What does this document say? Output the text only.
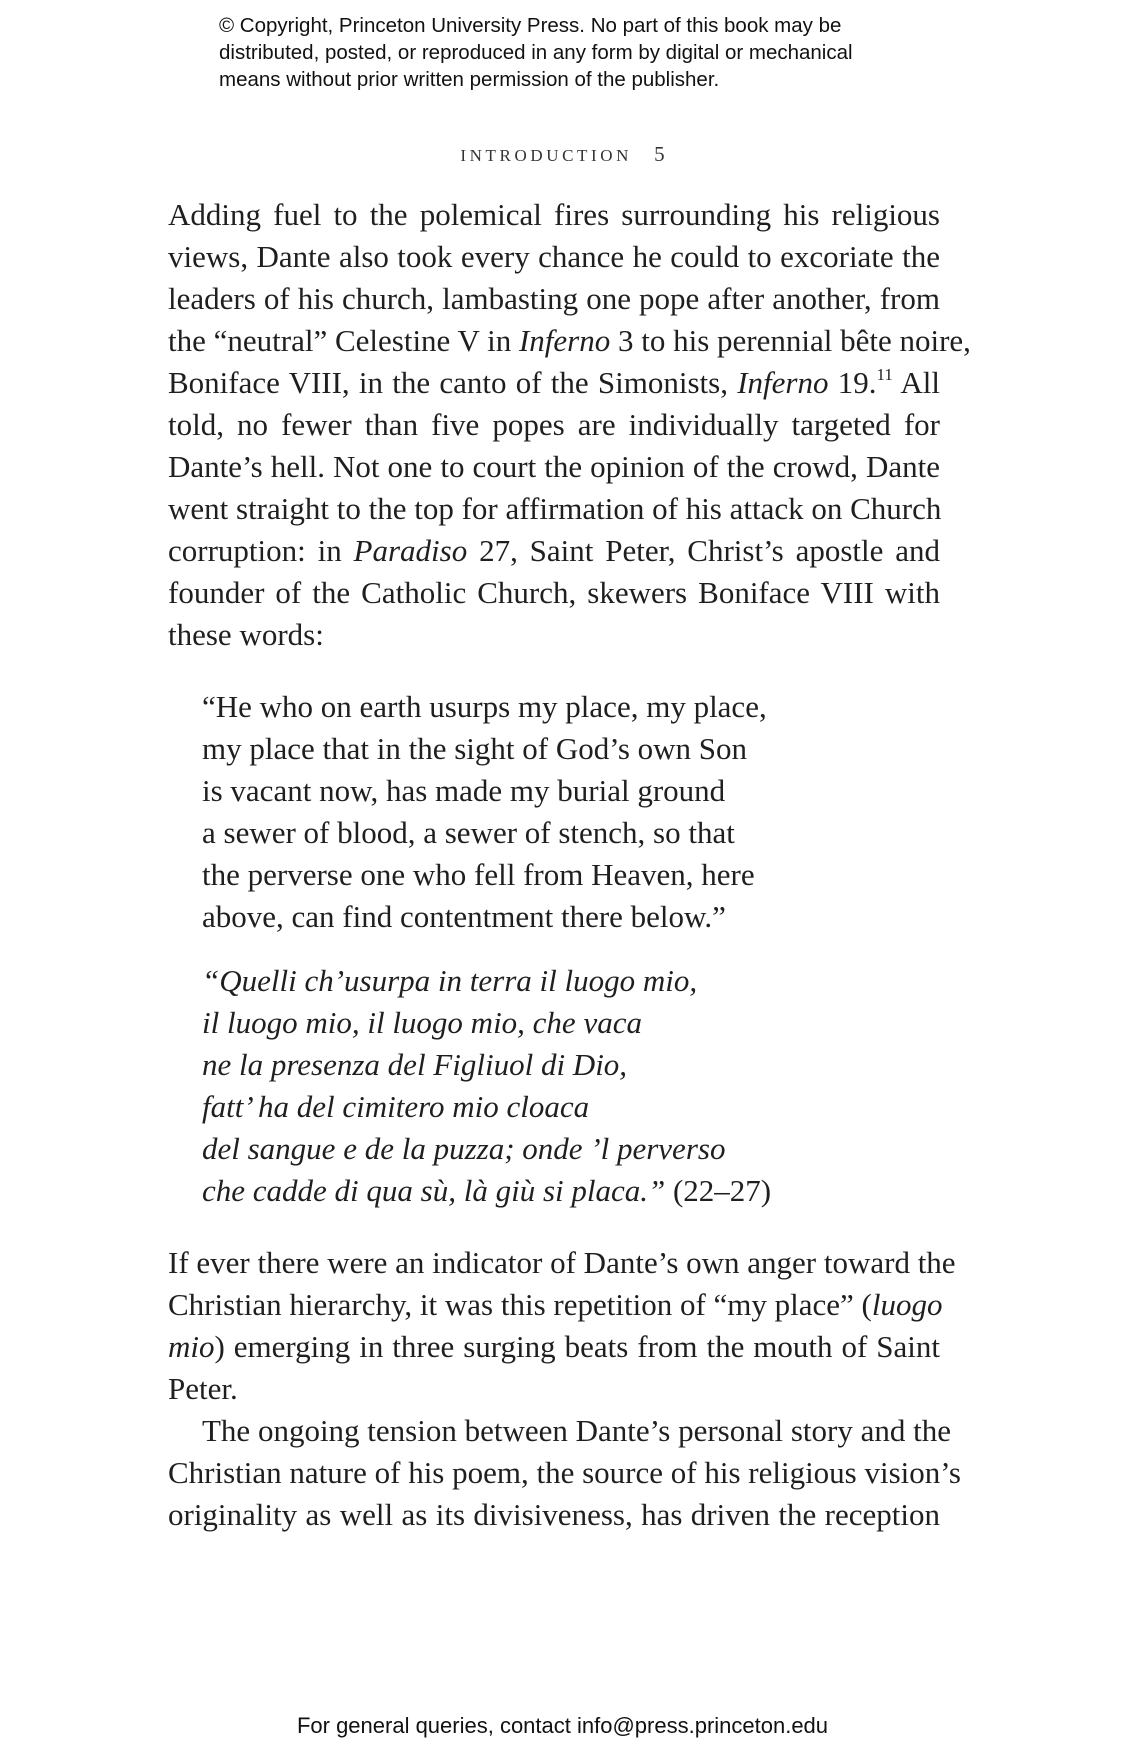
© Copyright, Princeton University Press. No part of this book may be
distributed, posted, or reproduced in any form by digital or mechanical
means without prior written permission of the publisher.
INTRODUCTION 5
Adding fuel to the polemical fires surrounding his religious
views, Dante also took every chance he could to excoriate the
leaders of his church, lambasting one pope after another, from
the “neutral” Celestine V in Inferno 3 to his perennial bête noire,
Boniface VIII, in the canto of the Simonists, Inferno 19.11 All
told, no fewer than five popes are individually targeted for
Dante’s hell. Not one to court the opinion of the crowd, Dante
went straight to the top for affirmation of his attack on Church
corruption: in Paradiso 27, Saint Peter, Christ’s apostle and
founder of the Catholic Church, skewers Boniface VIII with
these words:
“He who on earth usurps my place, my place,
my place that in the sight of God’s own Son
is vacant now, has made my burial ground
a sewer of blood, a sewer of stench, so that
the perverse one who fell from Heaven, here
above, can find contentment there below.”
“Quelli ch’usurpa in terra il luogo mio,
il luogo mio, il luogo mio, che vaca
ne la presenza del Figliuol di Dio,
fatt’ ha del cimitero mio cloaca
del sangue e de la puzza; onde ’l perverso
che cadde di qua sù, là giù si placa.” (22–27)
If ever there were an indicator of Dante’s own anger toward the
Christian hierarchy, it was this repetition of “my place” (luogo
mio) emerging in three surging beats from the mouth of Saint
Peter.
The ongoing tension between Dante’s personal story and the
Christian nature of his poem, the source of his religious vision’s
originality as well as its divisiveness, has driven the reception
For general queries, contact info@press.princeton.edu
